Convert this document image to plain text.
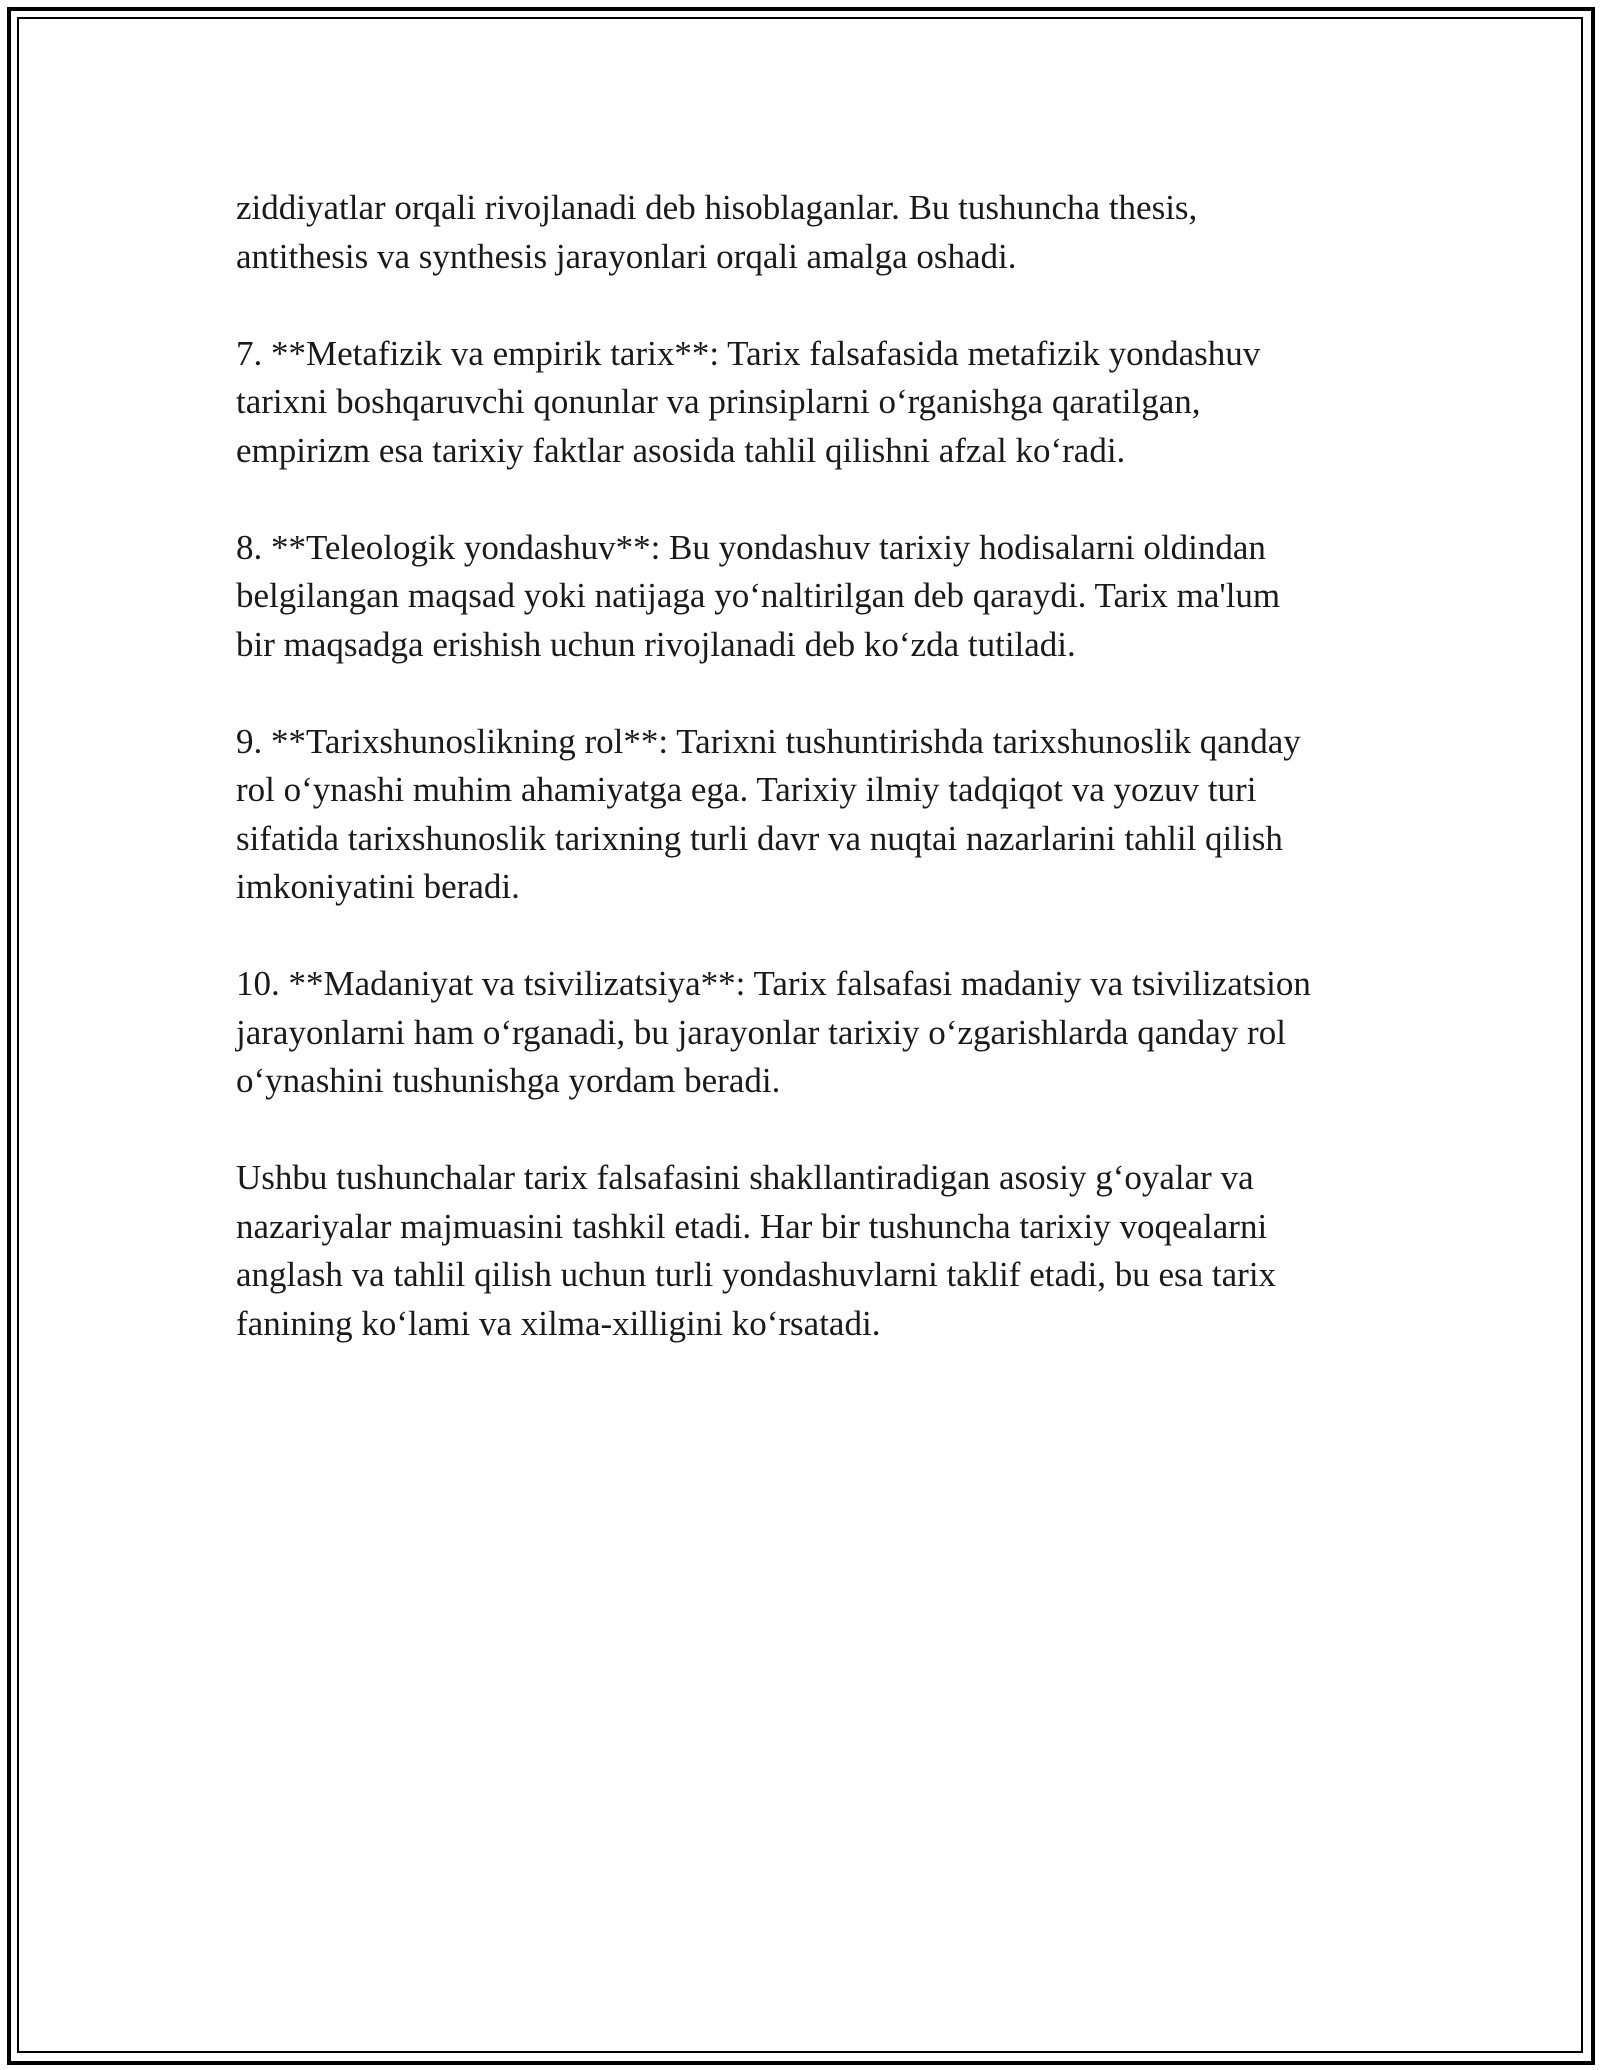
ziddiyatlar orqali rivojlanadi deb hisoblaganlar. Bu tushuncha thesis,
antithesis va synthesis jarayonlari orqali amalga oshadi.

7. **Metafizik va empirik tarix**: Tarix falsafasida metafizik yondashuv
tarixni boshqaruvchi qonunlar va prinsiplarni o‘rganishga qaratilgan,
empirizm esa tarixiy faktlar asosida tahlil qilishni afzal ko‘radi.

8. **Teleologik yondashuv**: Bu yondashuv tarixiy hodisalarni oldindan
belgilangan maqsad yoki natijaga yo‘naltirilgan deb qaraydi. Tarix ma'lum
bir maqsadga erishish uchun rivojlanadi deb ko‘zda tutiladi.

9. **Tarixshunoslikning rol**: Tarixni tushuntirishda tarixshunoslik qanday
rol o‘ynashi muhim ahamiyatga ega. Tarixiy ilmiy tadqiqot va yozuv turi
sifatida tarixshunoslik tarixning turli davr va nuqtai nazarlarini tahlil qilish
imkoniyatini beradi.

10. **Madaniyat va tsivilizatsiya**: Tarix falsafasi madaniy va tsivilizatsion
jarayonlarni ham o‘rganadi, bu jarayonlar tarixiy o‘zgarishlarda qanday rol
o‘ynashini tushunishga yordam beradi.

Ushbu tushunchalar tarix falsafasini shakllantiradigan asosiy g‘oyalar va
nazariyalar majmuasini tashkil etadi. Har bir tushuncha tarixiy voqealarni
anglash va tahlil qilish uchun turli yondashuvlarni taklif etadi, bu esa tarix
fanining ko‘lami va xilma-xilligini ko‘rsatadi.
